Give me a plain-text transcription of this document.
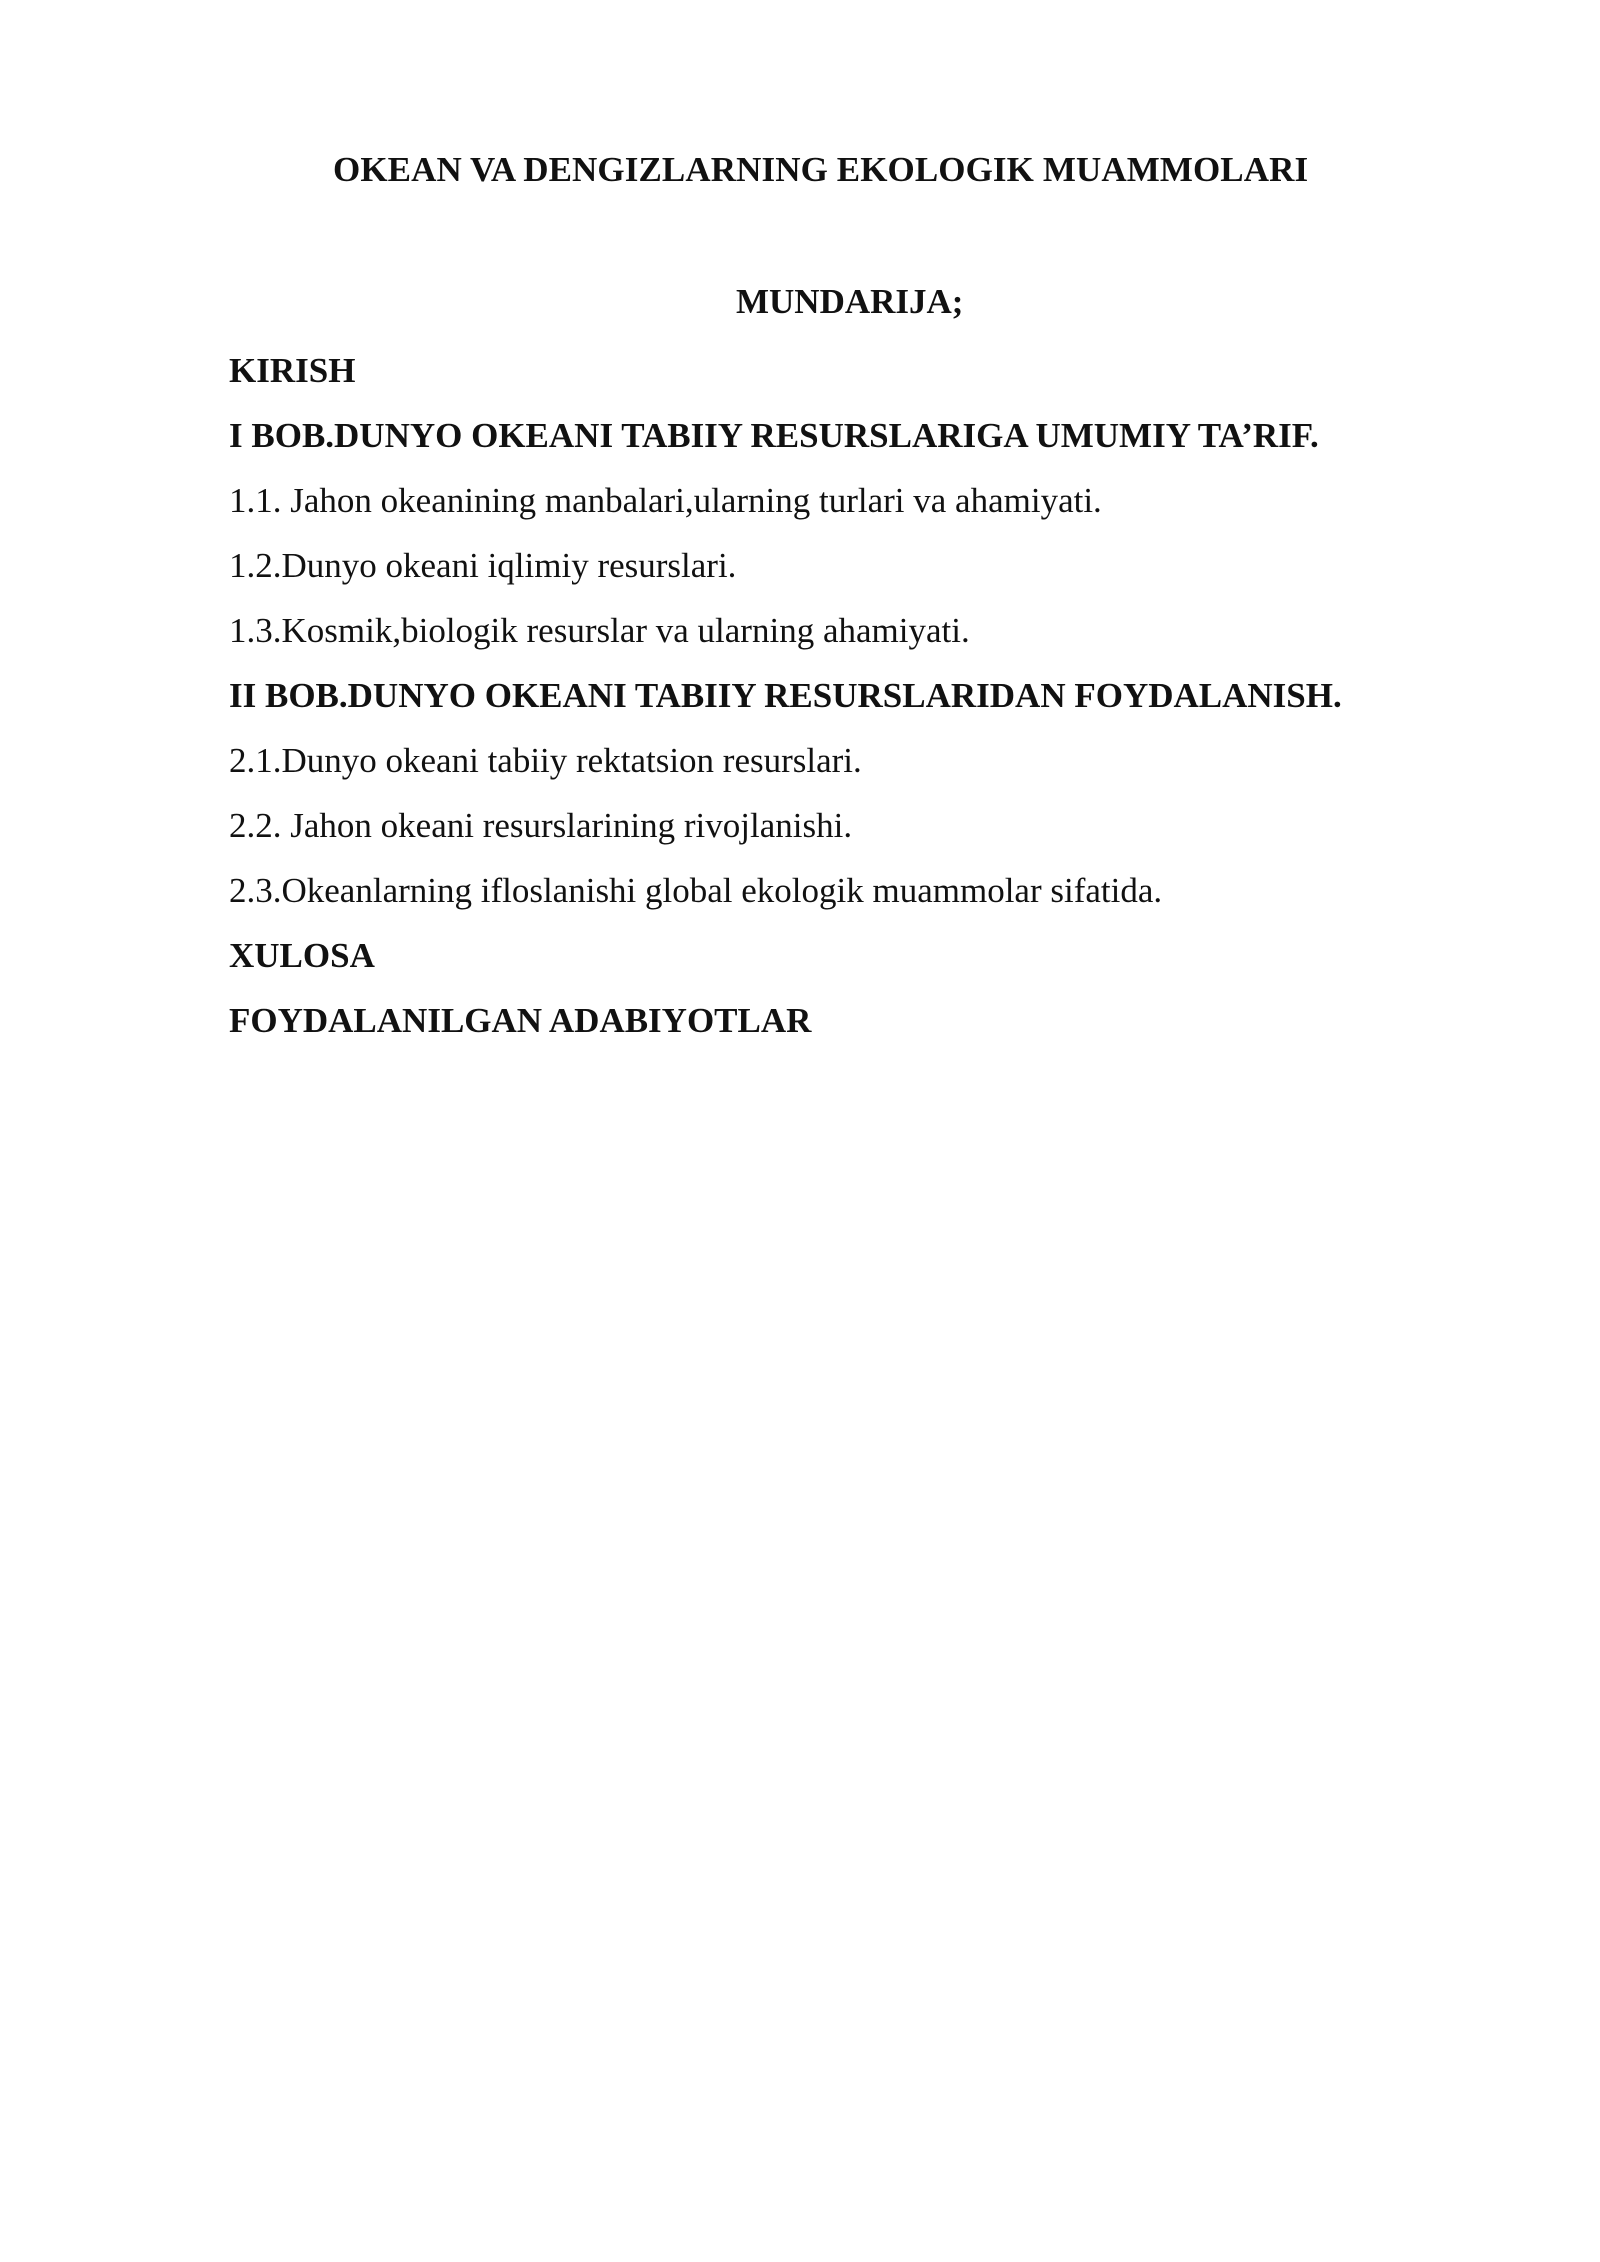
OKEAN VA DENGIZLARNING EKOLOGIK MUAMMOLARI
MUNDARIJA;
KIRISH
I BOB.DUNYO OKEANI TABIIY RESURSLARIGA UMUMIY TA’RIF.
1.1. Jahon okeanining manbalari,ularning turlari va ahamiyati.
1.2.Dunyo okeani iqlimiy resurslari.
1.3.Kosmik,biologik resurslar va ularning ahamiyati.
II BOB.DUNYO OKEANI TABIIY RESURSLARIDAN FOYDALANISH.
2.1.Dunyo okeani tabiiy rektatsion resurslari.
2.2. Jahon okeani resurslarining rivojlanishi.
2.3.Okeanlarning ifloslanishi global ekologik muammolar sifatida.
XULOSA
FOYDALANILGAN ADABIYOTLAR
